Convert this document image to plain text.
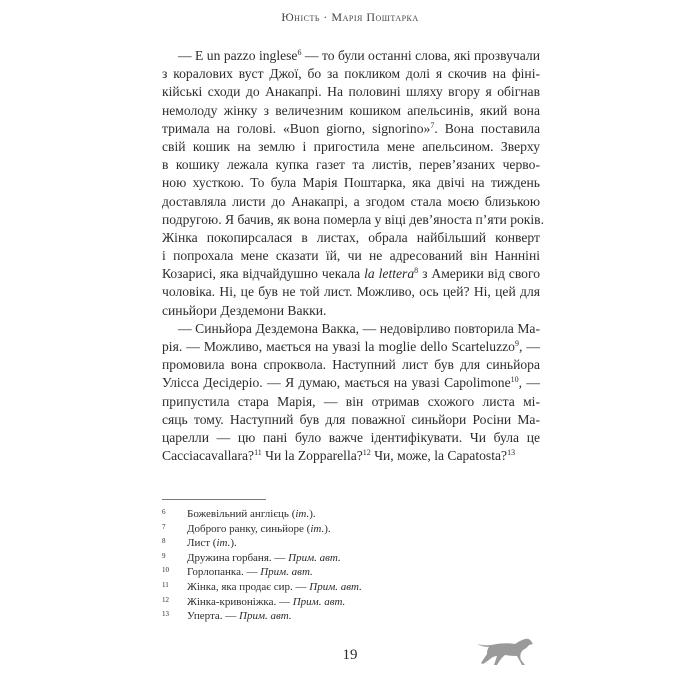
Юність · Марія Поштарка
— E un pazzo inglese$^6$ — то були останні слова, які прозвучали
з коралових вуст Джої, бо за покликом долі я скочив на фіні-
кійські сходи до Анакапрі. На половині шляху вгору я обігнав
немолоду жінку з величезним кошиком апельсинів, який вона
тримала на голові. «Buon giorno, signorino»$^7$. Вона поставила
свій кошик на землю і пригостила мене апельсином. Зверху
в кошику лежала купка газет та листів, перев’язаних червo-
ною хусткою. То була Марія Поштарка, яка двічі на тиждень
доставляла листи до Анакапрі, а згодом стала моєю близькою
подругою. Я бачив, як вона померла у віці дев’яноста п’яти років.
Жінка покопирсалася в листах, обрала найбільший конверт
і попрохала мене сказати їй, чи не адресований він Нанніні
Козарисі, яка відчайдушно чекала la lettera$^8$ з Америки від свого
чоловіка. Ні, це був не той лист. Можливо, ось цей? Ні, цей для
синьйори Дездемони Вакки.
— Синьйора Дездемона Вакка, — недовірливо повторила Ма-
рія. — Можливо, мається на увазі la moglie dello Scarteluzzo$^9$, —
промовила вона спроквола. Наступний лист був для синьйора
Улісса Десідеріо. — Я думаю, мається на увазі Capolimone$^{10}$, —
припустила стара Марія, — він отримав схожого листа мі-
сяць тому. Наступний був для поважної синьйори Росіни Ма-
царелли — цю пані було важче ідентифікувати. Чи була це
Cacciacavallara?$^{11}$ Чи la Zopparella?$^{12}$ Чи, може, la Capatosta?$^{13}$
6 Божевільний англієць (іт.).
7 Доброго ранку, синьйоре (іт.).
8 Лист (іт.).
9 Дружина горбаня. — Прим. авт.
10 Горлопанка. — Прим. авт.
11 Жінка, яка продає сир. — Прим. авт.
12 Жінка-кривоніжка. — Прим. авт.
13 Уперта. — Прим. авт.
19
